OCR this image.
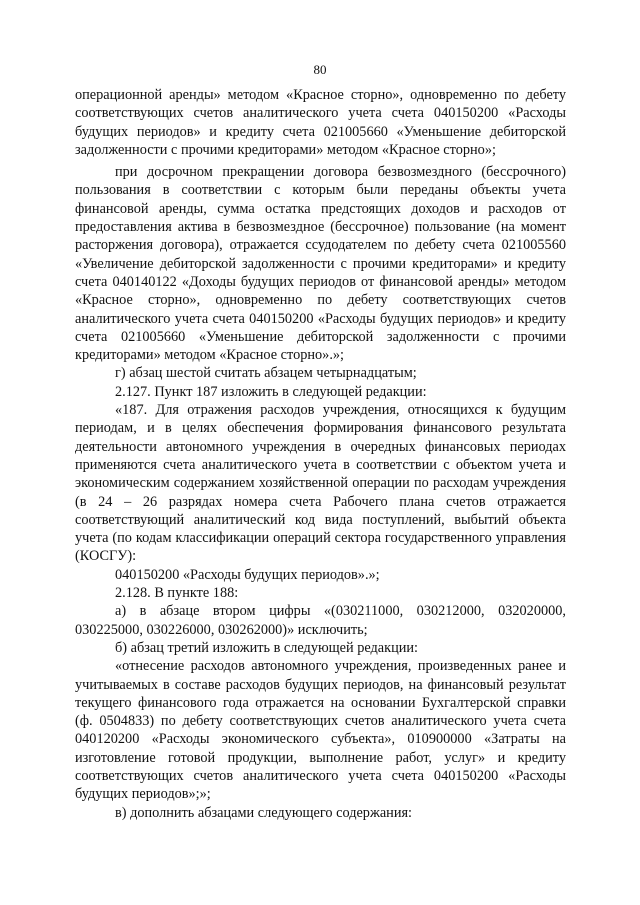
80

операционной аренды» методом «Красное сторно», одновременно по дебету соответствующих счетов аналитического учета счета 040150200 «Расходы будущих периодов» и кредиту счета 021005660 «Уменьшение дебиторской задолженности с прочими кредиторами» методом «Красное сторно»;

при досрочном прекращении договора безвозмездного (бессрочного) пользования в соответствии с которым были переданы объекты учета финансовой аренды, сумма остатка предстоящих доходов и расходов от предоставления актива в безвозмездное (бессрочное) пользование (на момент расторжения договора), отражается ссудодателем по дебету счета 021005560 «Увеличение дебиторской задолженности с прочими кредиторами» и кредиту счета 040140122 «Доходы будущих периодов от финансовой аренды» методом «Красное сторно», одновременно по дебету соответствующих счетов аналитического учета счета 040150200 «Расходы будущих периодов» и кредиту счета 021005660 «Уменьшение дебиторской задолженности с прочими кредиторами» методом «Красное сторно».»;

г) абзац шестой считать абзацем четырнадцатым;

2.127. Пункт 187 изложить в следующей редакции:

«187. Для отражения расходов учреждения, относящихся к будущим периодам, и в целях обеспечения формирования финансового результата деятельности автономного учреждения в очередных финансовых периодах применяются счета аналитического учета в соответствии с объектом учета и экономическим содержанием хозяйственной операции по расходам учреждения (в 24 – 26 разрядах номера счета Рабочего плана счетов отражается соответствующий аналитический код вида поступлений, выбытий объекта учета (по кодам классификации операций сектора государственного управления (КОСГУ):

040150200 «Расходы будущих периодов».»;

2.128. В пункте 188:

а) в абзаце втором цифры «(030211000, 030212000, 032020000, 030225000, 030226000, 030262000)» исключить;

б) абзац третий изложить в следующей редакции:

«отнесение расходов автономного учреждения, произведенных ранее и учитываемых в составе расходов будущих периодов, на финансовый результат текущего финансового года отражается на основании Бухгалтерской справки (ф. 0504833) по дебету соответствующих счетов аналитического учета счета 040120200 «Расходы экономического субъекта», 010900000 «Затраты на изготовление готовой продукции, выполнение работ, услуг» и кредиту соответствующих счетов аналитического учета счета 040150200 «Расходы будущих периодов»;»;

в) дополнить абзацами следующего содержания:
